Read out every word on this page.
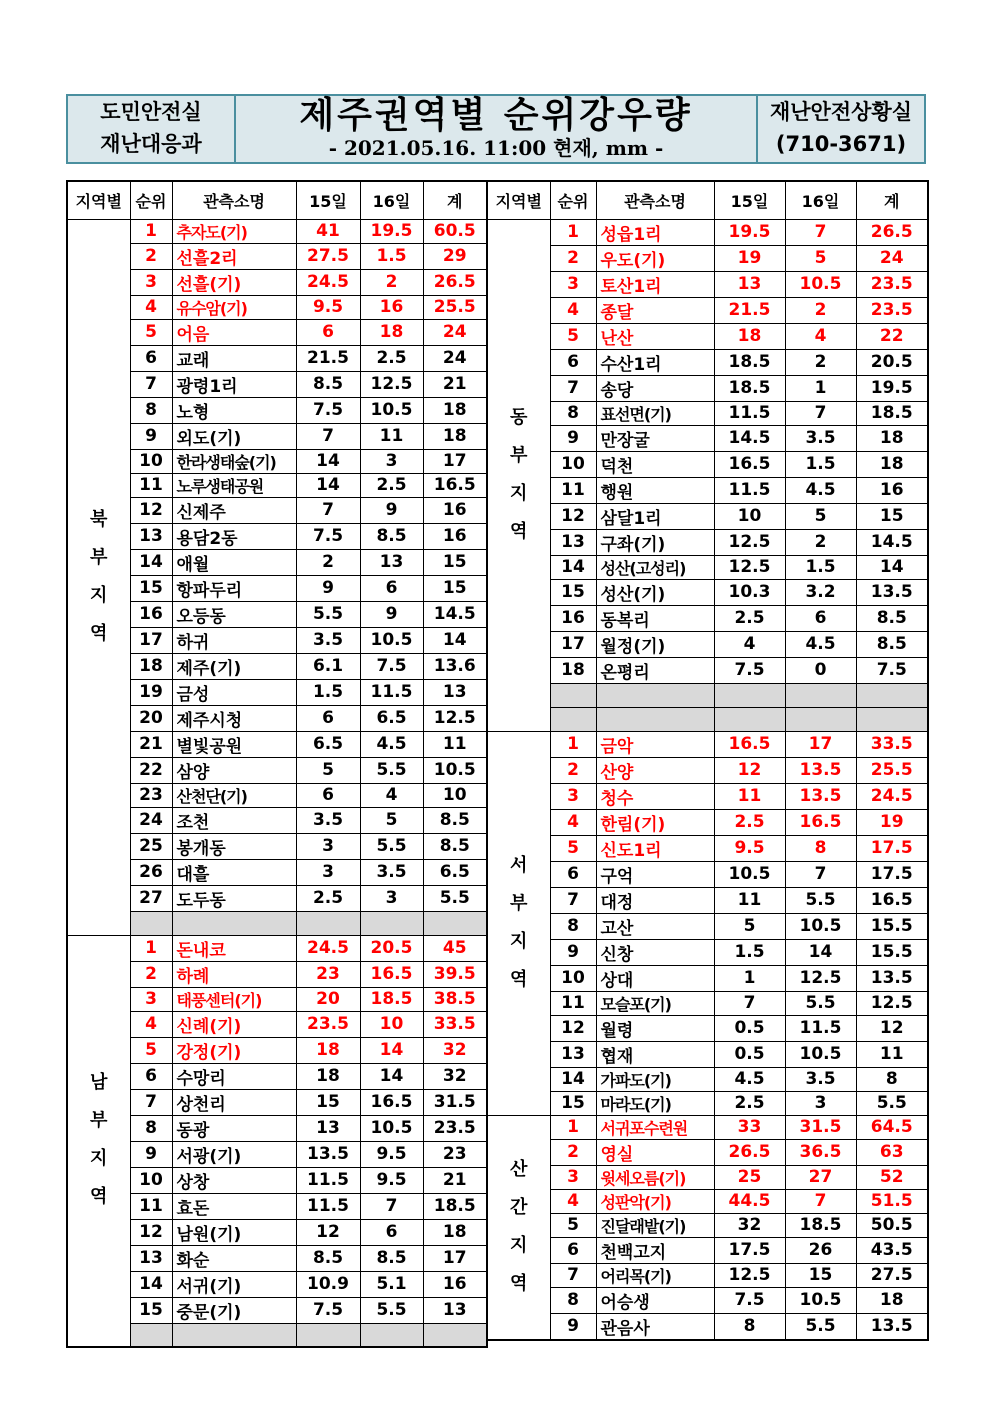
도민안전실
재난대응과
제주권역별 순위강우량
- 2021.05.16. 11:00 현재, mm -
재난안전상황실
(710-3671)
지역별	순위	관측소명	15일	16일	계
북부지역	1	추자도(기)	41	19.5	60.5
	2	선흘2리	27.5	1.5	29
	3	선흘(기)	24.5	2	26.5
	4	유수암(기)	9.5	16	25.5
	5	어음	6	18	24
	6	교래	21.5	2.5	24
	7	광령1리	8.5	12.5	21
	8	노형	7.5	10.5	18
	9	외도(기)	7	11	18
	10	한라생태숲(기)	14	3	17
	11	노루생태공원	14	2.5	16.5
	12	신제주	7	9	16
	13	용담2동	7.5	8.5	16
	14	애월	2	13	15
	15	항파두리	9	6	15
	16	오등동	5.5	9	14.5
	17	하귀	3.5	10.5	14
	18	제주(기)	6.1	7.5	13.6
	19	금성	1.5	11.5	13
	20	제주시청	6	6.5	12.5
	21	별빛공원	6.5	4.5	11
	22	삼양	5	5.5	10.5
	23	산천단(기)	6	4	10
	24	조천	3.5	5	8.5
	25	봉개동	3	5.5	8.5
	26	대흘	3	3.5	6.5
	27	도두동	2.5	3	5.5

남부지역	1	돈내코	24.5	20.5	45
	2	하례	23	16.5	39.5
	3	태풍센터(기)	20	18.5	38.5
	4	신례(기)	23.5	10	33.5
	5	강정(기)	18	14	32
	6	수망리	18	14	32
	7	상천리	15	16.5	31.5
	8	동광	13	10.5	23.5
	9	서광(기)	13.5	9.5	23
	10	상창	11.5	9.5	21
	11	효돈	11.5	7	18.5
	12	남원(기)	12	6	18
	13	화순	8.5	8.5	17
	14	서귀(기)	10.9	5.1	16
	15	중문(기)	7.5	5.5	13

지역별	순위	관측소명	15일	16일	계
동부지역	1	성읍1리	19.5	7	26.5
	2	우도(기)	19	5	24
	3	토산1리	13	10.5	23.5
	4	종달	21.5	2	23.5
	5	난산	18	4	22
	6	수산1리	18.5	2	20.5
	7	송당	18.5	1	19.5
	8	표선면(기)	11.5	7	18.5
	9	만장굴	14.5	3.5	18
	10	덕천	16.5	1.5	18
	11	행원	11.5	4.5	16
	12	삼달1리	10	5	15
	13	구좌(기)	12.5	2	14.5
	14	성산(고성리)	12.5	1.5	14
	15	성산(기)	10.3	3.2	13.5
	16	동복리	2.5	6	8.5
	17	월정(기)	4	4.5	8.5
	18	온평리	7.5	0	7.5

서부지역	1	금악	16.5	17	33.5
	2	산양	12	13.5	25.5
	3	청수	11	13.5	24.5
	4	한림(기)	2.5	16.5	19
	5	신도1리	9.5	8	17.5
	6	구억	10.5	7	17.5
	7	대정	11	5.5	16.5
	8	고산	5	10.5	15.5
	9	신창	1.5	14	15.5
	10	상대	1	12.5	13.5
	11	모슬포(기)	7	5.5	12.5
	12	월령	0.5	11.5	12
	13	협재	0.5	10.5	11
	14	가파도(기)	4.5	3.5	8
	15	마라도(기)	2.5	3	5.5
산간지역	1	서귀포수련원	33	31.5	64.5
	2	영실	26.5	36.5	63
	3	윗세오름(기)	25	27	52
	4	성판악(기)	44.5	7	51.5
	5	진달래밭(기)	32	18.5	50.5
	6	천백고지	17.5	26	43.5
	7	어리목(기)	12.5	15	27.5
	8	어승생	7.5	10.5	18
	9	관음사	8	5.5	13.5
